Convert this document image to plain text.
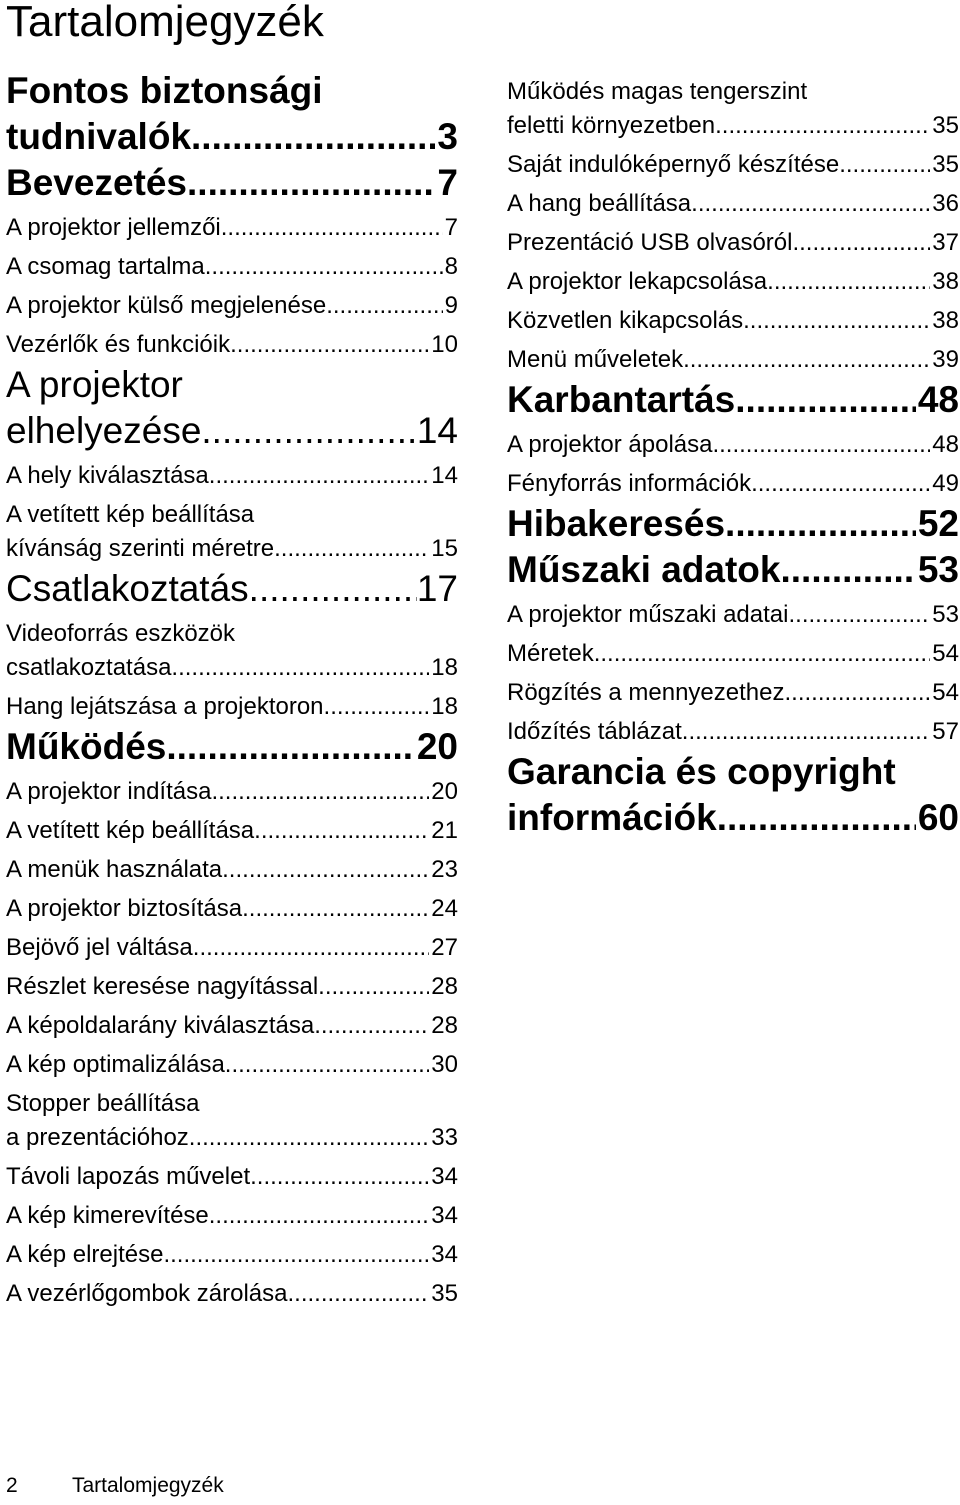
Tartalomjegyzék
Fontos biztonsági
tudnivalók .....	3
Bevezetés .....	7
A projektor jellemzői .....	7
A csomag tartalma .....	8
A projektor külső megjelenése .....	9
Vezérlők és funkcióik .....	10
A projektor
elhelyezése .....	14
A hely kiválasztása .....	14
A vetített kép beállítása
kívánság szerinti méretre .....	15
Csatlakoztatás .....	17
Videoforrás eszközök
csatlakoztatása .....	18
Hang lejátszása a projektoron .....	18
Működés .....	20
A projektor indítása .....	20
A vetített kép beállítása .....	21
A menük használata .....	23
A projektor biztosítása .....	24
Bejövő jel váltása .....	27
Részlet keresése nagyítással .....	28
A képoldalarány kiválasztása .....	28
A kép optimalizálása .....	30
Stopper beállítása
a prezentációhoz .....	33
Távoli lapozás művelet .....	34
A kép kimerevítése .....	34
A kép elrejtése .....	34
A vezérlőgombok zárolása .....	35
Működés magas tengerszint
feletti környezetben .....	35
Saját indulóképernyő készítése .....	35
A hang beállítása .....	36
Prezentáció USB olvasóról .....	37
A projektor lekapcsolása .....	38
Közvetlen kikapcsolás .....	38
Menü műveletek .....	39
Karbantartás .....	48
A projektor ápolása .....	48
Fényforrás információk .....	49
Hibakeresés .....	52
Műszaki adatok .....	53
A projektor műszaki adatai .....	53
Méretek .....	54
Rögzítés a mennyezethez .....	54
Időzítés táblázat .....	57
Garancia és copyright
információk .....	60
2	Tartalomjegyzék
